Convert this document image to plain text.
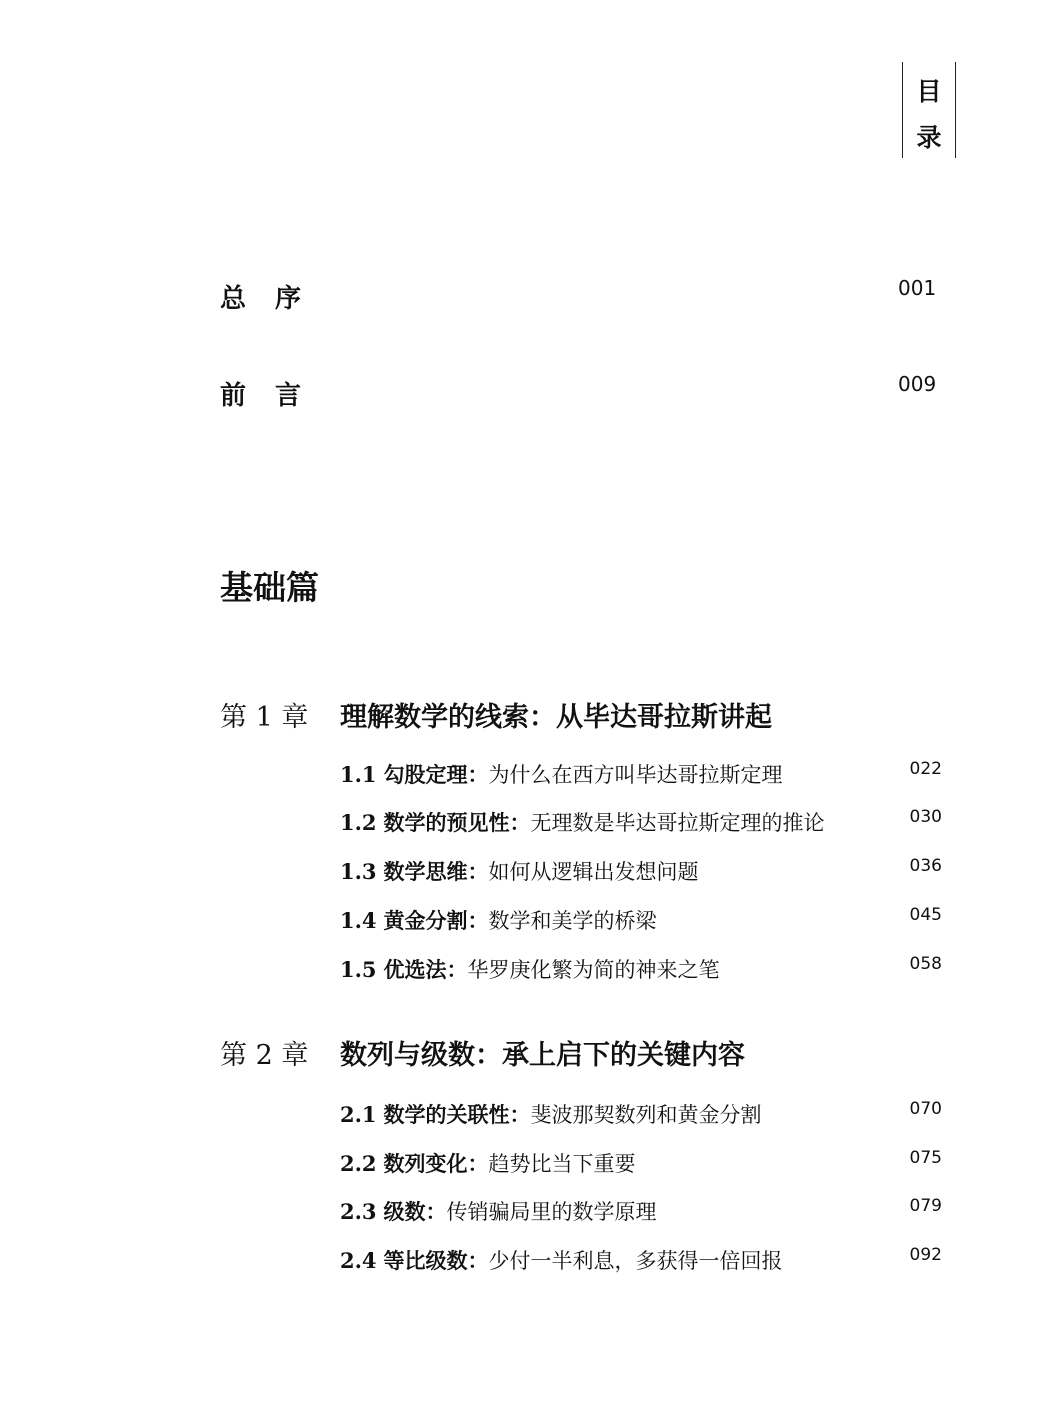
目
录
总序	001
前言	009
基础篇
第 1 章 理解数学的线索：从毕达哥拉斯讲起
1.1 勾股定理：为什么在西方叫毕达哥拉斯定理	022
1.2 数学的预见性：无理数是毕达哥拉斯定理的推论	030
1.3 数学思维：如何从逻辑出发想问题	036
1.4 黄金分割：数学和美学的桥梁	045
1.5 优选法：华罗庚化繁为简的神来之笔	058
第 2 章 数列与级数：承上启下的关键内容
2.1 数学的关联性：斐波那契数列和黄金分割	070
2.2 数列变化：趋势比当下重要	075
2.3 级数：传销骗局里的数学原理	079
2.4 等比级数：少付一半利息，多获得一倍回报	092
